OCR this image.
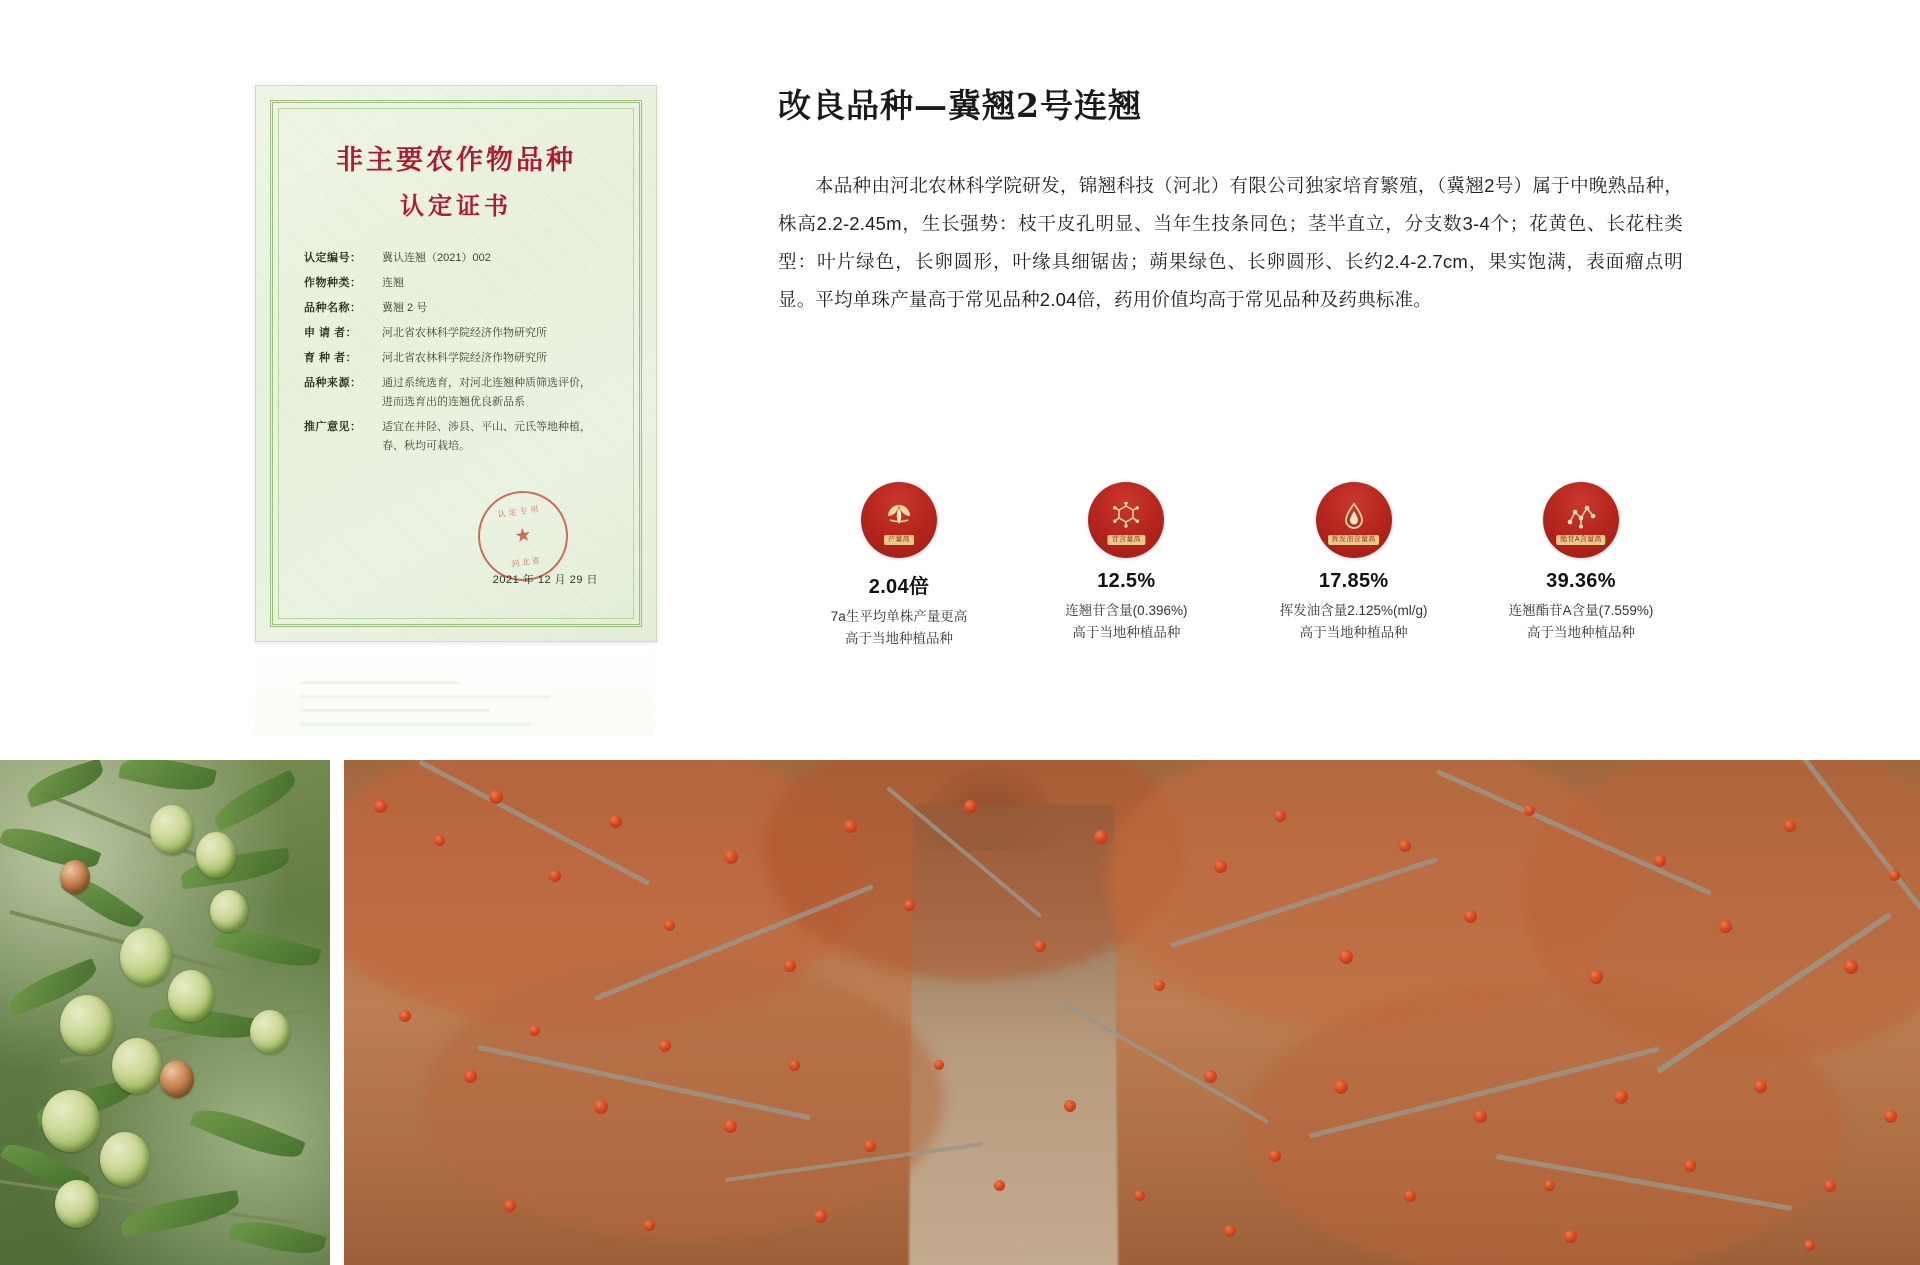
非主要农作物品种
认定证书
认定编号：	冀认连翘（2021）002
作物种类：	连翘
品种名称：	冀翘 2 号
申 请 者：	河北省农林科学院经济作物研究所
育 种 者：	河北省农林科学院经济作物研究所
品种来源：	通过系统选育，对河北连翘种质筛选评价，
进而选育出的连翘优良新品系
推广意见：	适宜在井陉、涉县、平山、元氏等地种植，
春、秋均可栽培。
认定专用
★
河北省
2021 年 12 月 29 日
改良品种—冀翘2号连翘

本品种由河北农林科学院研发，锦翘科技（河北）有限公司独家培育繁殖，（冀翘2号）属于中晚熟品种，株高2.2-2.45m，生长强势：枝干皮孔明显、当年生技条同色；茎半直立，分支数3-4个；花黄色、长花柱类型：叶片绿色，长卵圆形，叶缘具细锯齿；蒴果绿色、长卵圆形、长约2.4-2.7cm，果实饱满，表面瘤点明显。平均单珠产量高于常见品种2.04倍，药用价值均高于常见品种及药典标准。

产量高
2.04倍
7a生平均单株产量更高
高于当地种植品种
苷含量高
12.5%
连翘苷含量(0.396%)
高于当地种植品种
挥发油含量高
17.85%
挥发油含量2.125%(ml/g)
高于当地种植品种
酯苷A含量高
39.36%
连翘酯苷A含量(7.559%)
高于当地种植品种
